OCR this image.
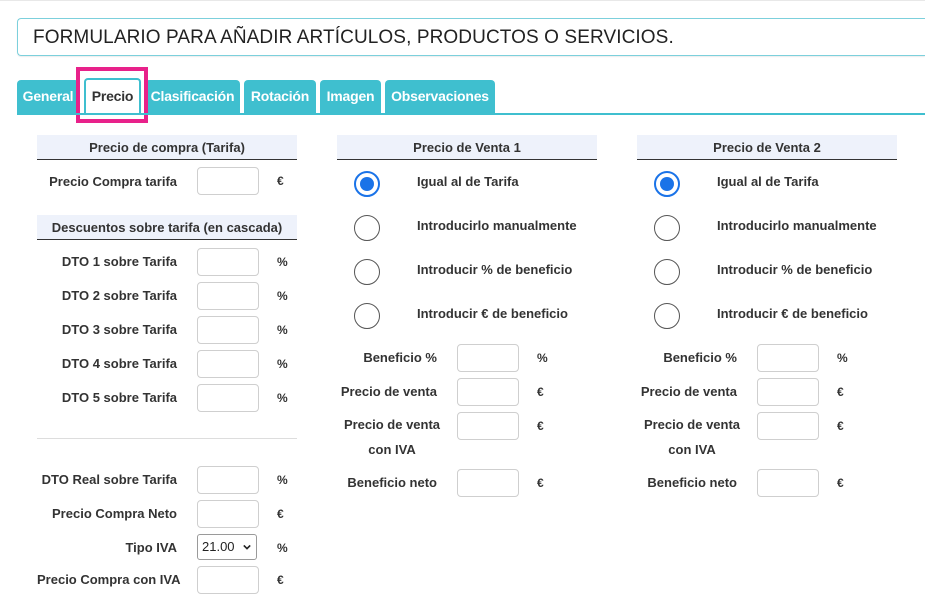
FORMULARIO PARA AÑADIR ARTÍCULOS, PRODUCTOS O SERVICIOS.
General	Precio	Clasificación	Rotación	Imagen	Observaciones
Precio de compra (Tarifa)
Precio Compra tarifa	€
Descuentos sobre tarifa (en cascada)
DTO 1 sobre Tarifa	%
DTO 2 sobre Tarifa	%
DTO 3 sobre Tarifa	%
DTO 4 sobre Tarifa	%
DTO 5 sobre Tarifa	%
DTO Real sobre Tarifa	%
Precio Compra Neto	€
Tipo IVA	21.00	%
Precio Compra con IVA	€
Precio de Venta 1
Igual al de Tarifa
Introducirlo manualmente
Introducir % de beneficio
Introducir € de beneficio
Beneficio %	%
Precio de venta	€
Precio de venta
con IVA
€
Beneficio neto	€
Precio de Venta 2
Igual al de Tarifa
Introducirlo manualmente
Introducir % de beneficio
Introducir € de beneficio
Beneficio %	%
Precio de venta	€
Precio de venta
con IVA
€
Beneficio neto	€
